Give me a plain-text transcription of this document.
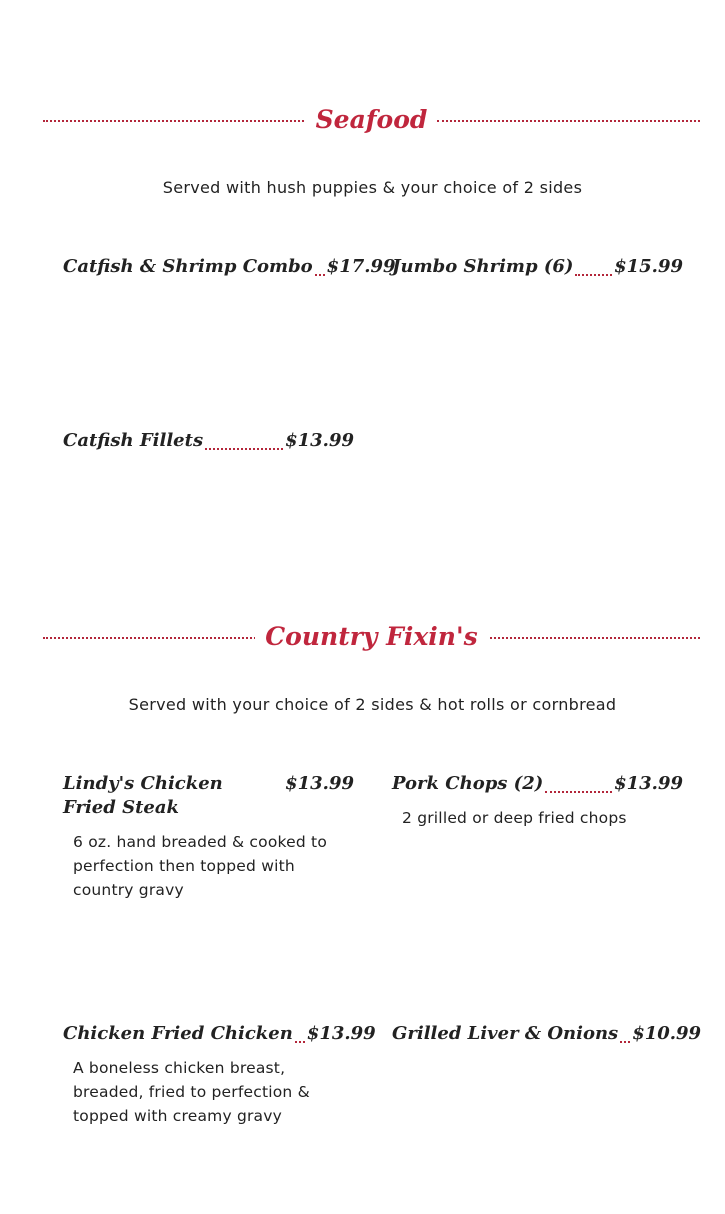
Seafood
Served with hush puppies & your choice of 2 sides
Catfish & Shrimp Combo $17.99
Jumbo Shrimp (6) $15.99
Catfish Fillets	$13.99
Country Fixin's
Served with your choice of 2 sides & hot rolls or cornbread
Lindy's Chicken Fried Steak
$13.99
6 oz. hand breaded & cooked to perfection then topped with country gravy
Pork Chops (2)	$13.99
2 grilled or deep fried chops
Chicken Fried Chicken $13.99
A boneless chicken breast, breaded, fried to perfection & topped with creamy gravy
Grilled Liver & Onions $10.99
